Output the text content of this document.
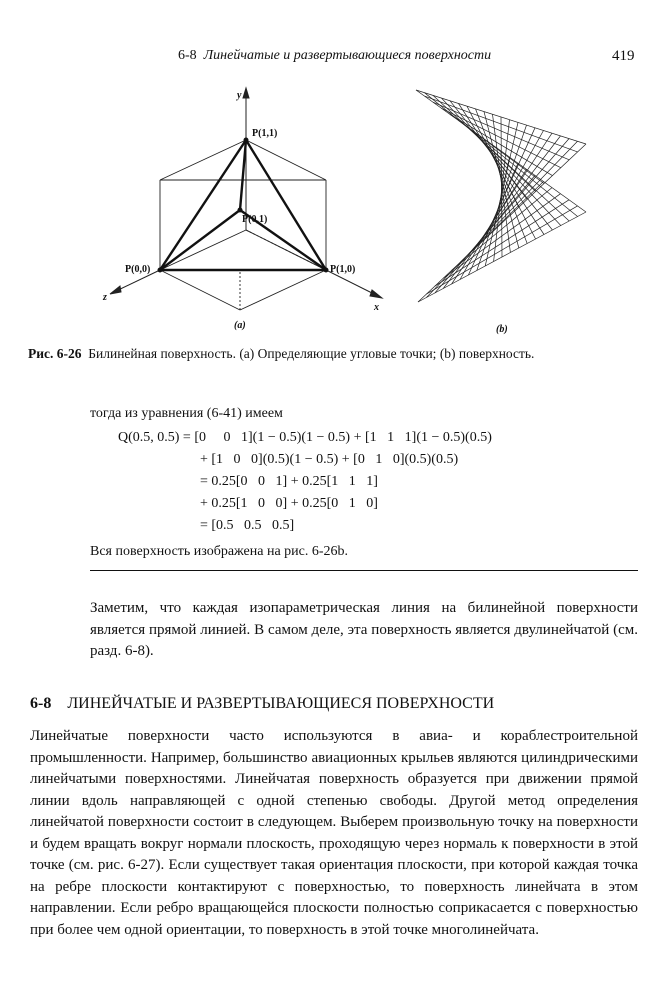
6-8 Линейчатые и развертывающиеся поверхности	419
y
x
z
P(1,1)
P(0,1)
P(0,0)	P(1,0)
(a)	(b)
Рис. 6-26 Билинейная поверхность. (a) Определяющие угловые точки; (b) поверхность.
тогда из уравнения (6-41) имеем
Q(0.5, 0.5) = [0     0   1](1 − 0.5)(1 − 0.5) + [1   1   1](1 − 0.5)(0.5)
+ [1   0   0](0.5)(1 − 0.5) + [0   1   0](0.5)(0.5)
= 0.25[0   0   1] + 0.25[1   1   1]
+ 0.25[1   0   0] + 0.25[0   1   0]
= [0.5   0.5   0.5]
Вся поверхность изображена на рис. 6-26b.
Заметим, что каждая изопараметрическая линия на билинейной поверхности является прямой линией. В самом деле, эта поверхность является двулинейчатой (см. разд. 6-8).
6-8 ЛИНЕЙЧАТЫЕ И РАЗВЕРТЫВАЮЩИЕСЯ ПОВЕРХНОСТИ
Линейчатые поверхности часто используются в авиа- и кораблестроительной промышленности. Например, большинство авиационных крыльев являются цилиндрическими линейчатыми поверхностями. Линейчатая поверхность образуется при движении прямой линии вдоль направляющей с одной степенью свободы. Другой метод определения линейчатой поверхности состоит в следующем. Выберем произвольную точку на поверхности и будем вращать вокруг нормали плоскость, проходящую через нормаль к поверхности в этой точке (см. рис. 6-27). Если существует такая ориентация плоскости, при которой каждая точка на ребре плоскости контактируют с поверхностью, то поверхность линейчата в этом направлении. Если ребро вращающейся плоскости полностью соприкасается с поверхностью при более чем одной ориентации, то поверхность в этой точке многолинейчата.
